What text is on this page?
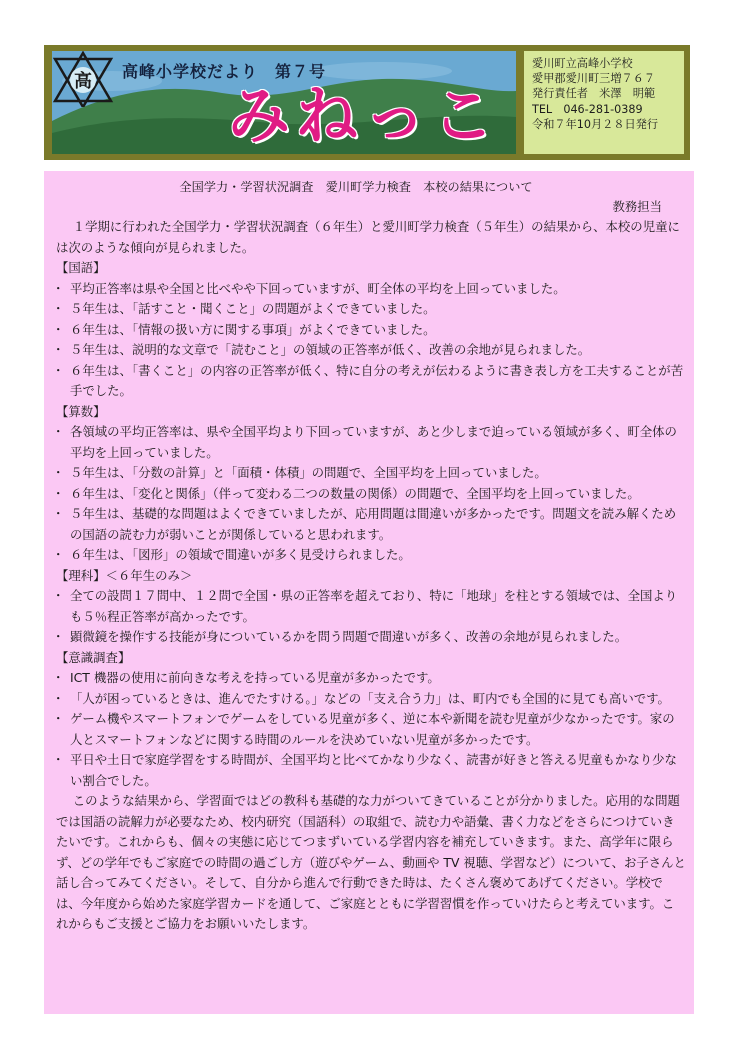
高峰小学校だより　第７号
高 みねっこ
愛川町立高峰小学校
愛甲郡愛川町三増７６７
発行責任者　米澤　明範
TEL　046-281-0389
令和７年10月２８日発行
全国学力・学習状況調査　愛川町学力検査　本校の結果について
教務担当

１学期に行われた全国学力・学習状況調査（６年生）と愛川町学力検査（５年生）の結果から、本校の児童には次のような傾向が見られました。

【国語】

・ 平均正答率は県や全国と比べやや下回っていますが、町全体の平均を上回っていました。

・ ５年生は、「話すこと・聞くこと」の問題がよくできていました。

・ ６年生は、「情報の扱い方に関する事項」がよくできていました。

・ ５年生は、説明的な文章で「読むこと」の領域の正答率が低く、改善の余地が見られました。

・ ６年生は、「書くこと」の内容の正答率が低く、特に自分の考えが伝わるように書き表し方を工夫することが苦手でした。

【算数】

・ 各領域の平均正答率は、県や全国平均より下回っていますが、あと少しまで迫っている領域が多く、町全体の平均を上回っていました。

・ ５年生は、「分数の計算」と「面積・体積」の問題で、全国平均を上回っていました。

・ ６年生は、「変化と関係」（伴って変わる二つの数量の関係）の問題で、全国平均を上回っていました。

・ ５年生は、基礎的な問題はよくできていましたが、応用問題は間違いが多かったです。問題文を読み解くための国語の読む力が弱いことが関係していると思われます。

・ ６年生は、「図形」の領域で間違いが多く見受けられました。

【理科】＜６年生のみ＞

・ 全ての設問１７問中、１２問で全国・県の正答率を超えており、特に「地球」を柱とする領域では、全国よりも５％程正答率が高かったです。

・ 顕微鏡を操作する技能が身についているかを問う問題で間違いが多く、改善の余地が見られました。

【意識調査】

・ ICT 機器の使用に前向きな考えを持っている児童が多かったです。

・ 「人が困っているときは、進んでたすける。」などの「支え合う力」は、町内でも全国的に見ても高いです。

・ ゲーム機やスマートフォンでゲームをしている児童が多く、逆に本や新聞を読む児童が少なかったです。家の人とスマートフォンなどに関する時間のルールを決めていない児童が多かったです。

・ 平日や土日で家庭学習をする時間が、全国平均と比べてかなり少なく、読書が好きと答える児童もかなり少ない割合でした。

このような結果から、学習面ではどの教科も基礎的な力がついてきていることが分かりました。応用的な問題では国語の読解力が必要なため、校内研究（国語科）の取組で、読む力や語彙、書く力などをさらにつけていきたいです。これからも、個々の実態に応じてつまずいている学習内容を補充していきます。また、高学年に限らず、どの学年でもご家庭での時間の過ごし方（遊びやゲーム、動画や TV 視聴、学習など）について、お子さんと話し合ってみてください。そして、自分から進んで行動できた時は、たくさん褒めてあげてください。学校では、今年度から始めた家庭学習カードを通して、ご家庭とともに学習習慣を作っていけたらと考えています。これからもご支援とご協力をお願いいたします。
